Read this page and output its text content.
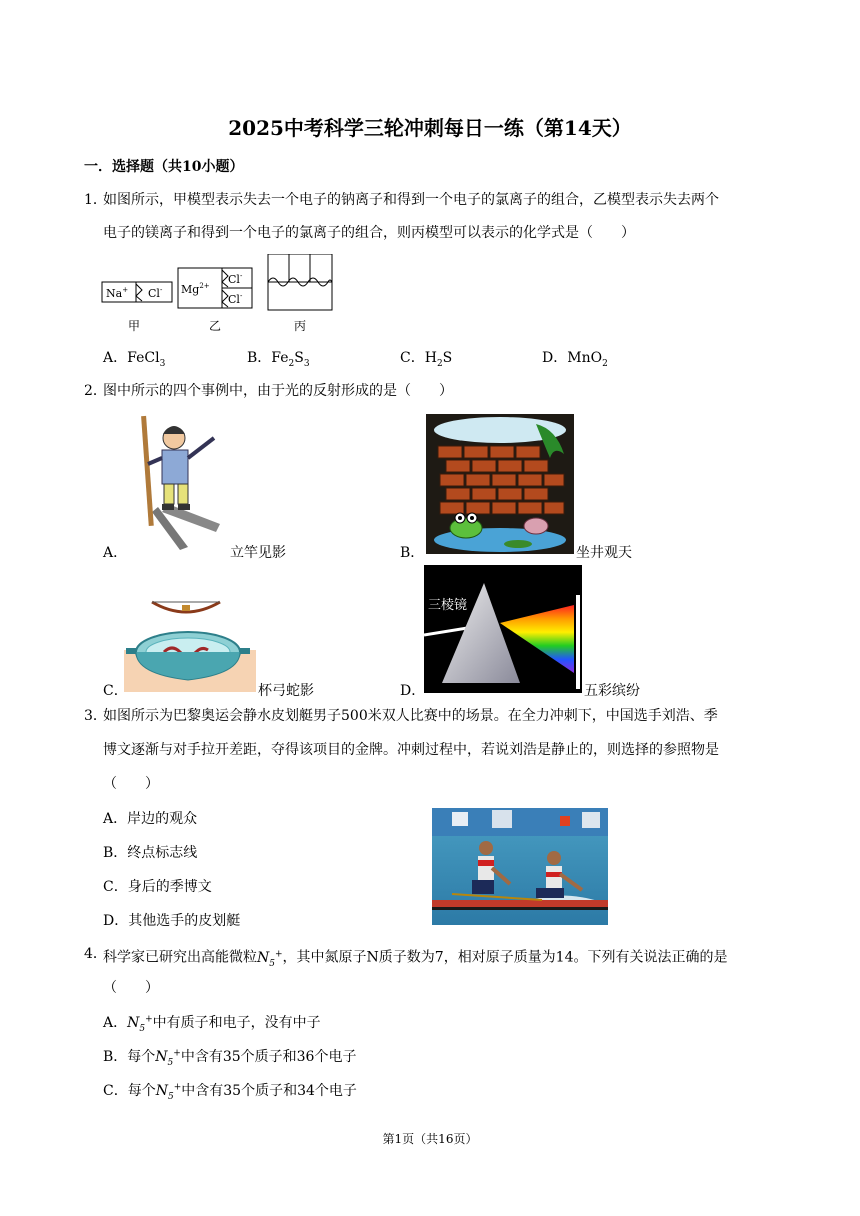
2025中考科学三轮冲刺每日一练（第14天）
一．选择题（共10小题）
1．
如图所示，甲模型表示失去一个电子的钠离子和得到一个电子的氯离子的组合，乙模型表示失去两个
电子的镁离子和得到一个电子的氯离子的组合，则丙模型可以表示的化学式是（　　）
Na+ Cl- $Mg^{2+}$ Cl-
Cl-
甲	乙	丙
A．FeCl$_3$	B．$Fe_2S_3$	C．$H_2S$	D．MnO$_2$
2．
图中所示的四个事例中，由于光的反射形成的是（　　）
A．	立竿见影	B．	坐井观天
C．	杯弓蛇影
三棱镜
D．	五彩缤纷
3．
如图所示为巴黎奥运会静水皮划艇男子500米双人比赛中的场景。在全力冲刺下，中国选手刘浩、季
博文逐渐与对手拉开差距，夺得该项目的金牌。冲刺过程中，若说刘浩是静止的，则选择的参照物是
（　　）
A．岸边的观众
B．终点标志线
C．身后的季博文
D．其他选手的皮划艇
4．
科学家已研究出高能微粒$N_5^+$，其中氮原子N质子数为7，相对原子质量为14。下列有关说法正确的是
（　　）
A．$N_5^+$中有质子和电子，没有中子
B．每个$N_5^+$中含有35个质子和36个电子
C．每个$N_5^+$中含有35个质子和34个电子
第1页（共16页）
